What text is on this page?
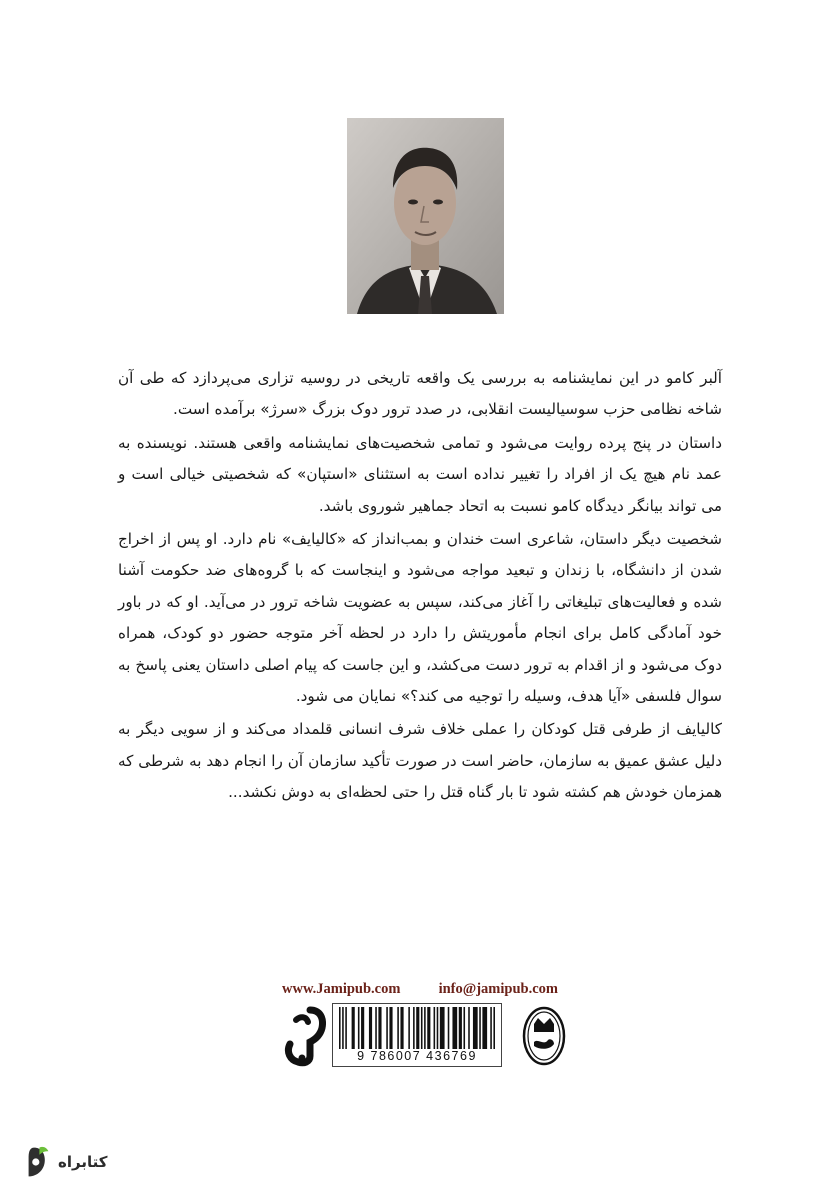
آلبر کامو در این نمایشنامه به بررسی یک واقعه تاریخی در روسیه تزاری می‌پردازد که طی آن شاخه نظامی حزب سوسیالیست انقلابی، در صدد ترور دوک بزرگ «سرژ» برآمده است.

داستان در پنج پرده روایت می‌شود و تمامی شخصیت‌های نمایشنامه واقعی هستند. نویسنده به عمد نام هیچ یک از افراد را تغییر نداده است به استثنای «استپان» که شخصیتی خیالی است و می‌ تواند بیانگر دیدگاه کامو نسبت به اتحاد جماهیر شوروی باشد.

شخصیت دیگر داستان، شاعری است خندان و بمب‌انداز که «کالیایف» نام دارد. او پس از اخراج شدن از دانشگاه، با زندان و تبعید مواجه می‌شود و اینجاست که با گروه‌های ضد حکومت آشنا شده و فعالیت‌های تبلیغاتی را آغاز می‌کند، سپس به عضویت شاخه ترور در می‌آید. او که در باور خود آمادگی کامل برای انجام مأموریتش را دارد در لحظه آخر متوجه حضور دو کودک، همراه دوک می‌شود و از اقدام به ترور دست می‌کشد، و این جاست که پیام اصلی داستان یعنی پاسخ به سوال فلسفی «آیا هدف، وسیله را توجیه می کند؟» نمایان می شود.

کالیایف از طرفی قتل کودکان را عملی خلاف شرف انسانی قلمداد می‌کند و از سویی دیگر به دلیل عشق عمیق به سازمان، حاضر است در صورت تأکید سازمان آن را انجام دهد به شرطی که همزمان خودش هم کشته شود تا بار گناه قتل را حتی لحظه‌ای به دوش نکشد...

www.Jamipub.com	info@jamipub.com
9 786007 436769
کتابراه
